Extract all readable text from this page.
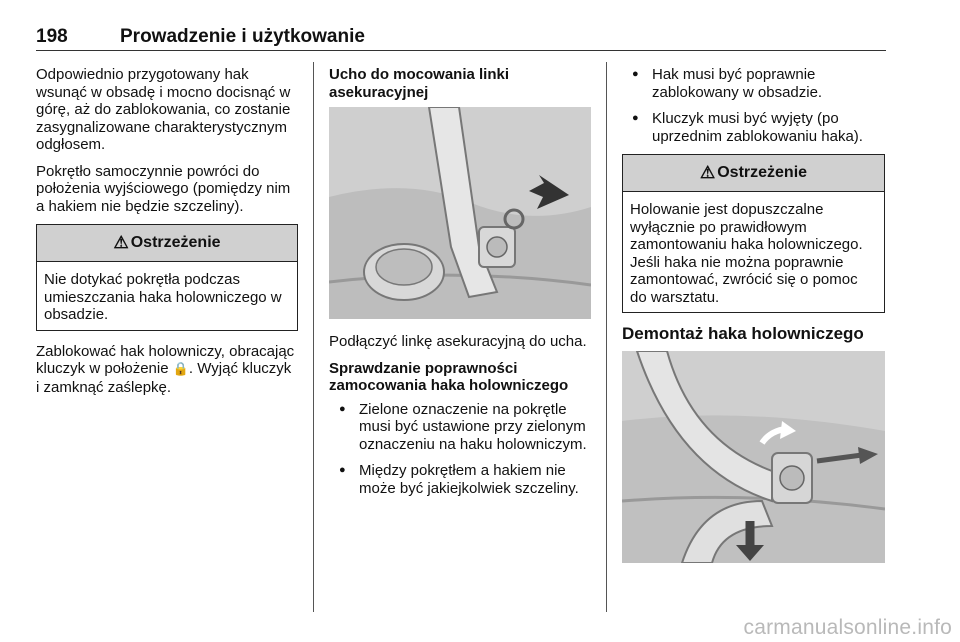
198	Prowadzenie i użytkowanie

Odpowiednio przygotowany hak wsunąć w obsadę i mocno docisnąć w górę, aż do zablokowania, co zostanie zasygnalizowane charakterystycznym odgłosem.

Pokrętło samoczynnie powróci do położenia wyjściowego (pomiędzy nim a hakiem nie będzie szczeliny).

⚠ Ostrzeżenie
Nie dotykać pokrętła podczas umieszczania haka holowniczego w obsadzie.

Zablokować hak holowniczy, obracając kluczyk w położenie 🔒. Wyjąć kluczyk i zamknąć zaślepkę.

Ucho do mocowania linki asekuracyjnej

Podłączyć linkę asekuracyjną do ucha.

Sprawdzanie poprawności zamocowania haka holowniczego
● Zielone oznaczenie na pokrętle musi być ustawione przy zielonym oznaczeniu na haku holowniczym.
● Między pokrętłem a hakiem nie może być jakiejkolwiek szczeliny.
● Hak musi być poprawnie zablokowany w obsadzie.
● Kluczyk musi być wyjęty (po uprzednim zablokowaniu haka).
⚠ Ostrzeżenie
Holowanie jest dopuszczalne wyłącznie po prawidłowym zamontowaniu haka holowniczego. Jeśli haka nie można poprawnie zamontować, zwrócić się o pomoc do warsztatu.
Demontaż haka holowniczego
carmanualsonline.info
